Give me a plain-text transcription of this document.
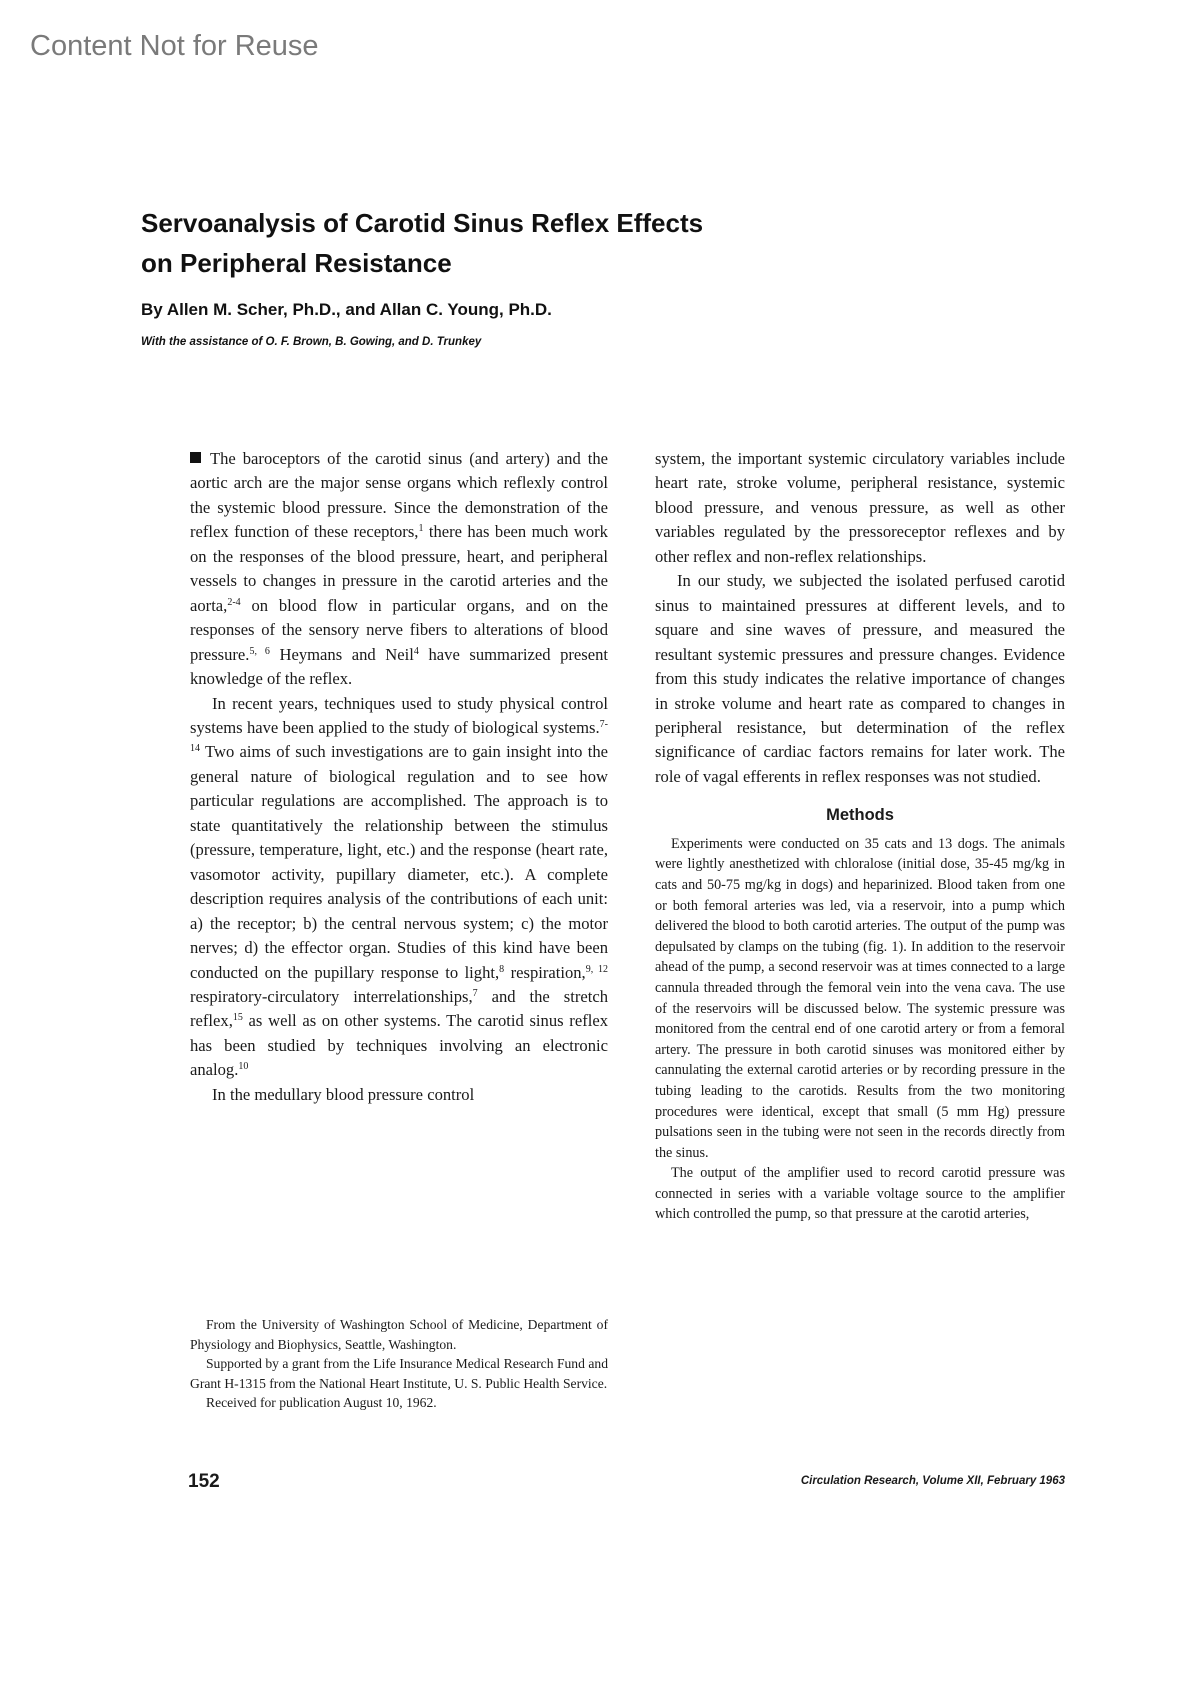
Content Not for Reuse
Servoanalysis of Carotid Sinus Reflex Effects
on Peripheral Resistance
By Allen M. Scher, Ph.D., and Allan C. Young, Ph.D.
With the assistance of O. F. Brown, B. Gowing, and D. Trunkey

The baroceptors of the carotid sinus (and artery) and the aortic arch are the major sense organs which reflexly control the systemic blood pressure. Since the demonstration of the reflex function of these receptors,$^1$ there has been much work on the responses of the blood pressure, heart, and peripheral vessels to changes in pressure in the carotid arteries and the aorta,$^{2-4}$ on blood flow in particular organs, and on the responses of the sensory nerve fibers to alterations of blood pressure.$^{5, 6}$ Heymans and Neil$^4$ have summarized present knowledge of the reflex.

In recent years, techniques used to study physical control systems have been applied to the study of biological systems.$^{7-14}$ Two aims of such investigations are to gain insight into the general nature of biological regulation and to see how particular regulations are accomplished. The approach is to state quantitatively the relationship between the stimulus (pressure, temperature, light, etc.) and the response (heart rate, vasomotor activity, pupillary diameter, etc.). A complete description requires analysis of the contributions of each unit: a) the receptor; b) the central nervous system; c) the motor nerves; d) the effector organ. Studies of this kind have been conducted on the pupillary response to light,$^8$ respiration,$^{9, 12}$ respiratory-circulatory interrelationships,$^7$ and the stretch reflex,$^{15}$ as well as on other systems. The carotid sinus reflex has been studied by techniques involving an electronic analog.$^{10}$

In the medullary blood pressure control

system, the important systemic circulatory variables include heart rate, stroke volume, peripheral resistance, systemic blood pressure, and venous pressure, as well as other variables regulated by the pressoreceptor reflexes and by other reflex and non-reflex relationships.

In our study, we subjected the isolated perfused carotid sinus to maintained pressures at different levels, and to square and sine waves of pressure, and measured the resultant systemic pressures and pressure changes. Evidence from this study indicates the relative importance of changes in stroke volume and heart rate as compared to changes in peripheral resistance, but determination of the reflex significance of cardiac factors remains for later work. The role of vagal efferents in reflex responses was not studied.

Methods

Experiments were conducted on 35 cats and 13 dogs. The animals were lightly anesthetized with chloralose (initial dose, 35-45 mg/kg in cats and 50-75 mg/kg in dogs) and heparinized. Blood taken from one or both femoral arteries was led, via a reservoir, into a pump which delivered the blood to both carotid arteries. The output of the pump was depulsated by clamps on the tubing (fig. 1). In addition to the reservoir ahead of the pump, a second reservoir was at times connected to a large cannula threaded through the femoral vein into the vena cava. The use of the reservoirs will be discussed below. The systemic pressure was monitored from the central end of one carotid artery or from a femoral artery. The pressure in both carotid sinuses was monitored either by cannulating the external carotid arteries or by recording pressure in the tubing leading to the carotids. Results from the two monitoring procedures were identical, except that small (5 mm Hg) pressure pulsations seen in the tubing were not seen in the records directly from the sinus.

The output of the amplifier used to record carotid pressure was connected in series with a variable voltage source to the amplifier which controlled the pump, so that pressure at the carotid arteries,

From the University of Washington School of Medicine, Department of Physiology and Biophysics, Seattle, Washington.

Supported by a grant from the Life Insurance Medical Research Fund and Grant H-1315 from the National Heart Institute, U. S. Public Health Service.

Received for publication August 10, 1962.

152	Circulation Research, Volume XII, February 1963
